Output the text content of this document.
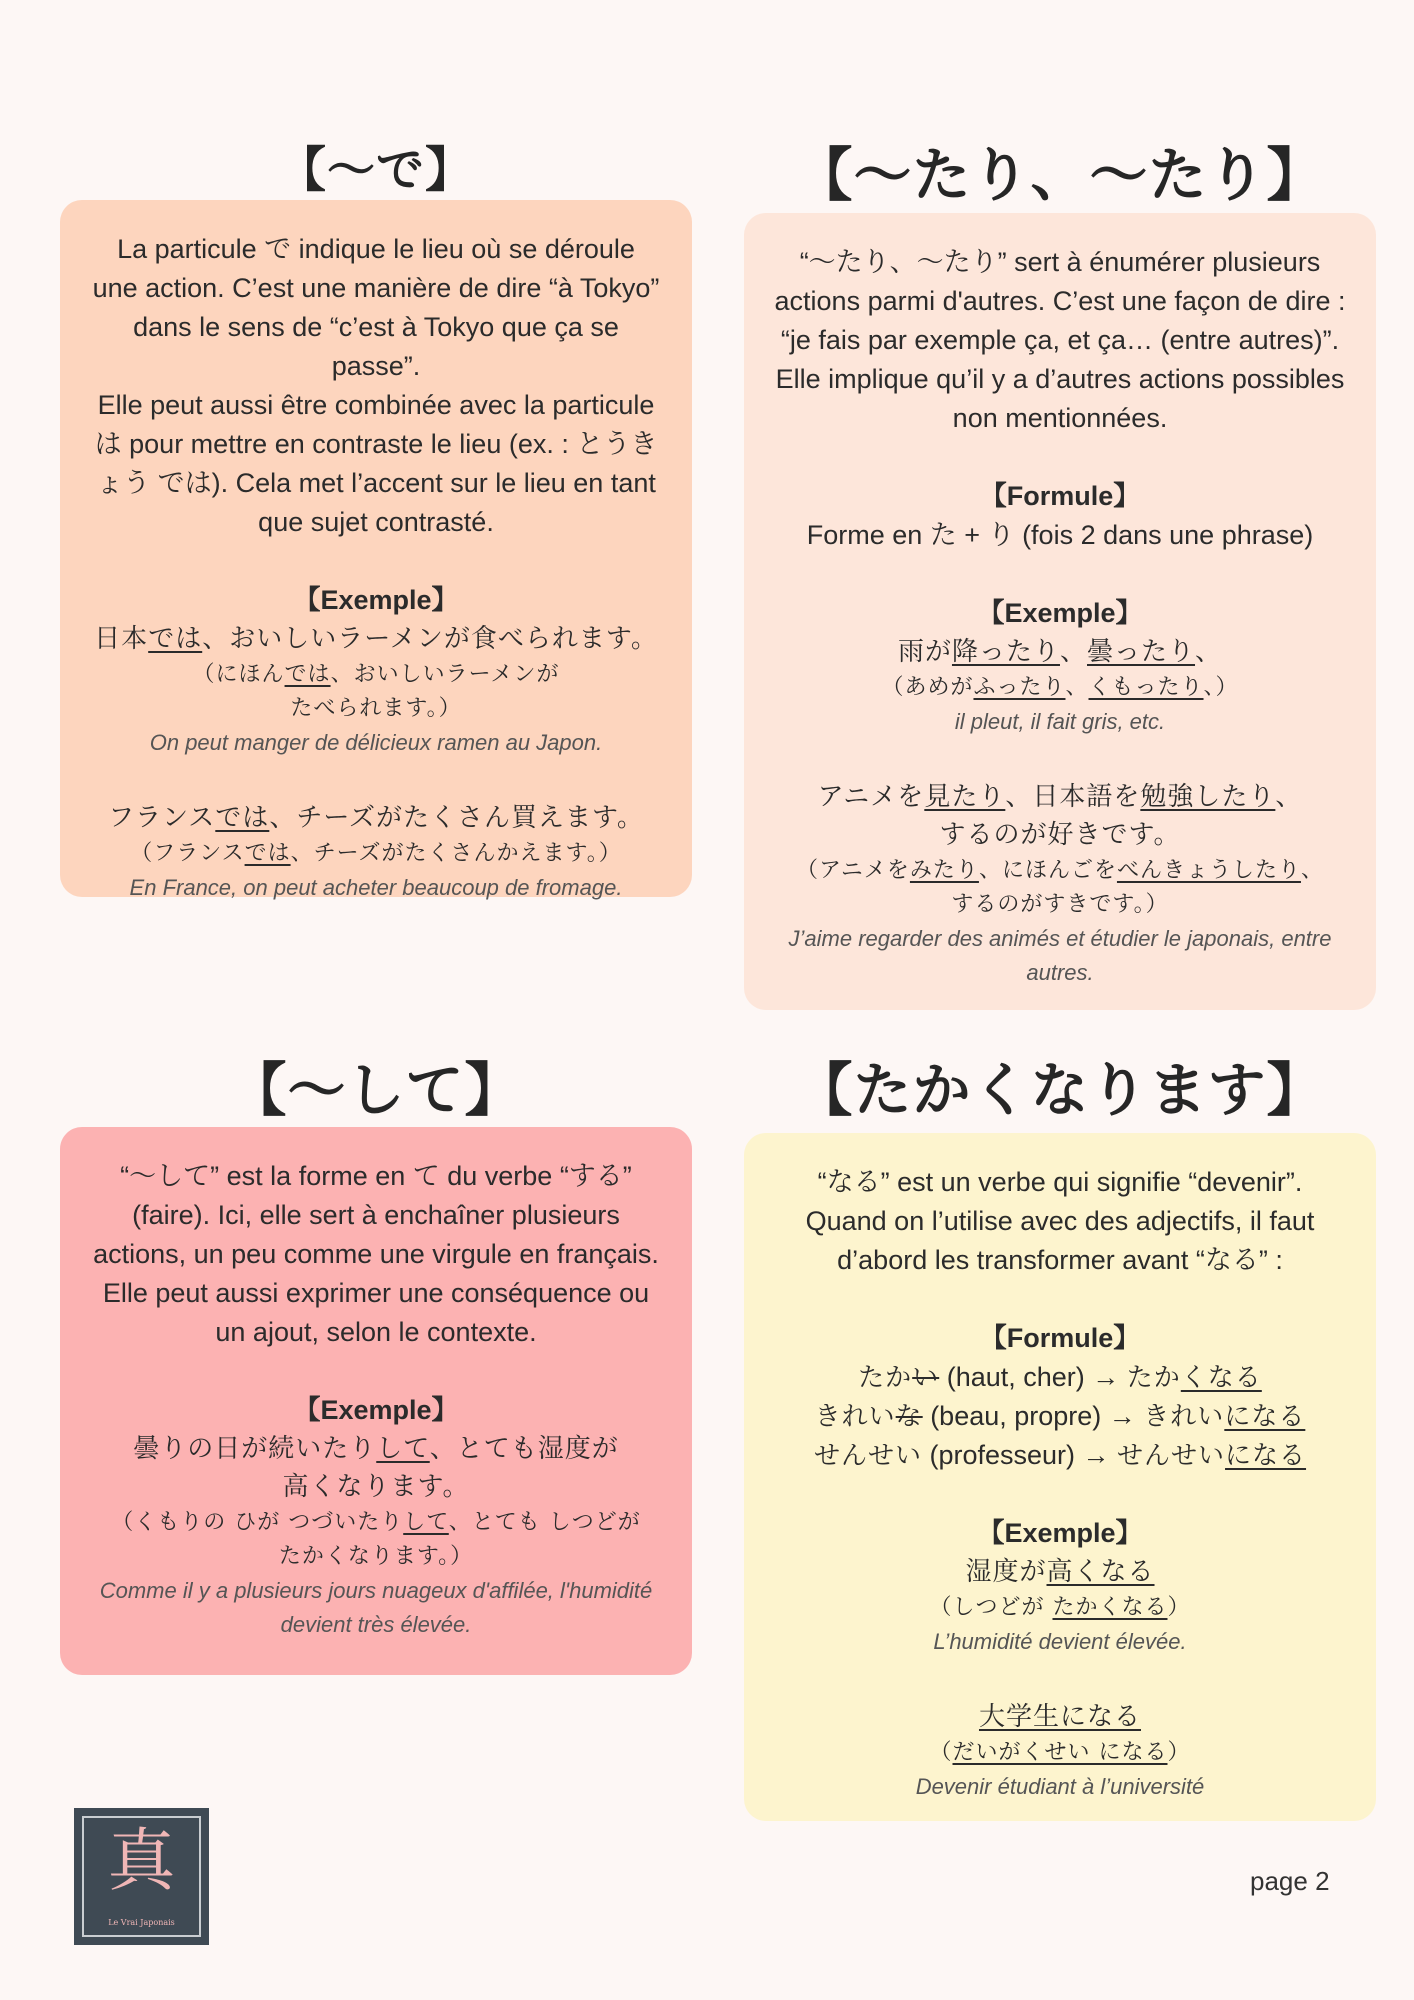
【〜で】	【〜たり、〜たり】
【〜して】	【たかくなります】

La particule で indique le lieu où se déroule

une action. C’est une manière de dire “à Tokyo”

dans le sens de “c’est à Tokyo que ça se passe”.

Elle peut aussi être combinée avec la particule

は pour mettre en contraste le lieu (ex. : とうき

ょう では). Cela met l’accent sur le lieu en tant

que sujet contrasté.

【Exemple】

日本では、おいしいラーメンが食べられます。

（にほんでは、おいしいラーメンが

たべられます。）

On peut manger de délicieux ramen au Japon.

フランスでは、チーズがたくさん買えます。

（フランスでは、チーズがたくさんかえます。）

En France, on peut acheter beaucoup de fromage.

“〜たり、〜たり” sert à énumérer plusieurs

actions parmi d'autres. C’est une façon de dire :

“je fais par exemple ça, et ça… (entre autres)”.

Elle implique qu’il y a d’autres actions possibles

non mentionnées.

【Formule】

Forme en た + り (fois 2 dans une phrase)

【Exemple】

雨が降ったり、曇ったり、

（あめがふったり、くもったり、）

il pleut, il fait gris, etc.

アニメを見たり、日本語を勉強したり、

するのが好きです。

（アニメをみたり、にほんごをべんきょうしたり、

するのがすきです。）

J’aime regarder des animés et étudier le japonais, entre

autres.

“〜して” est la forme en て du verbe “する”

(faire). Ici, elle sert à enchaîner plusieurs

actions, un peu comme une virgule en français.

Elle peut aussi exprimer une conséquence ou

un ajout, selon le contexte.

【Exemple】

曇りの日が続いたりして、とても湿度が

高くなります。

（くもりの ひが つづいたりして、とても しつどが

たかくなります。）

Comme il y a plusieurs jours nuageux d'affilée, l'humidité

devient très élevée.

“なる” est un verbe qui signifie “devenir”.

Quand on l’utilise avec des adjectifs, il faut

d’abord les transformer avant “なる” :

【Formule】

たかい (haut, cher) → たかくなる

きれいな (beau, propre) → きれいになる

せんせい (professeur) → せんせいになる

【Exemple】

湿度が高くなる

（しつどが たかくなる）

L’humidité devient élevée.

大学生になる

（だいがくせい になる）

Devenir étudiant à l’université

真
Le Vrai Japonais
page 2
